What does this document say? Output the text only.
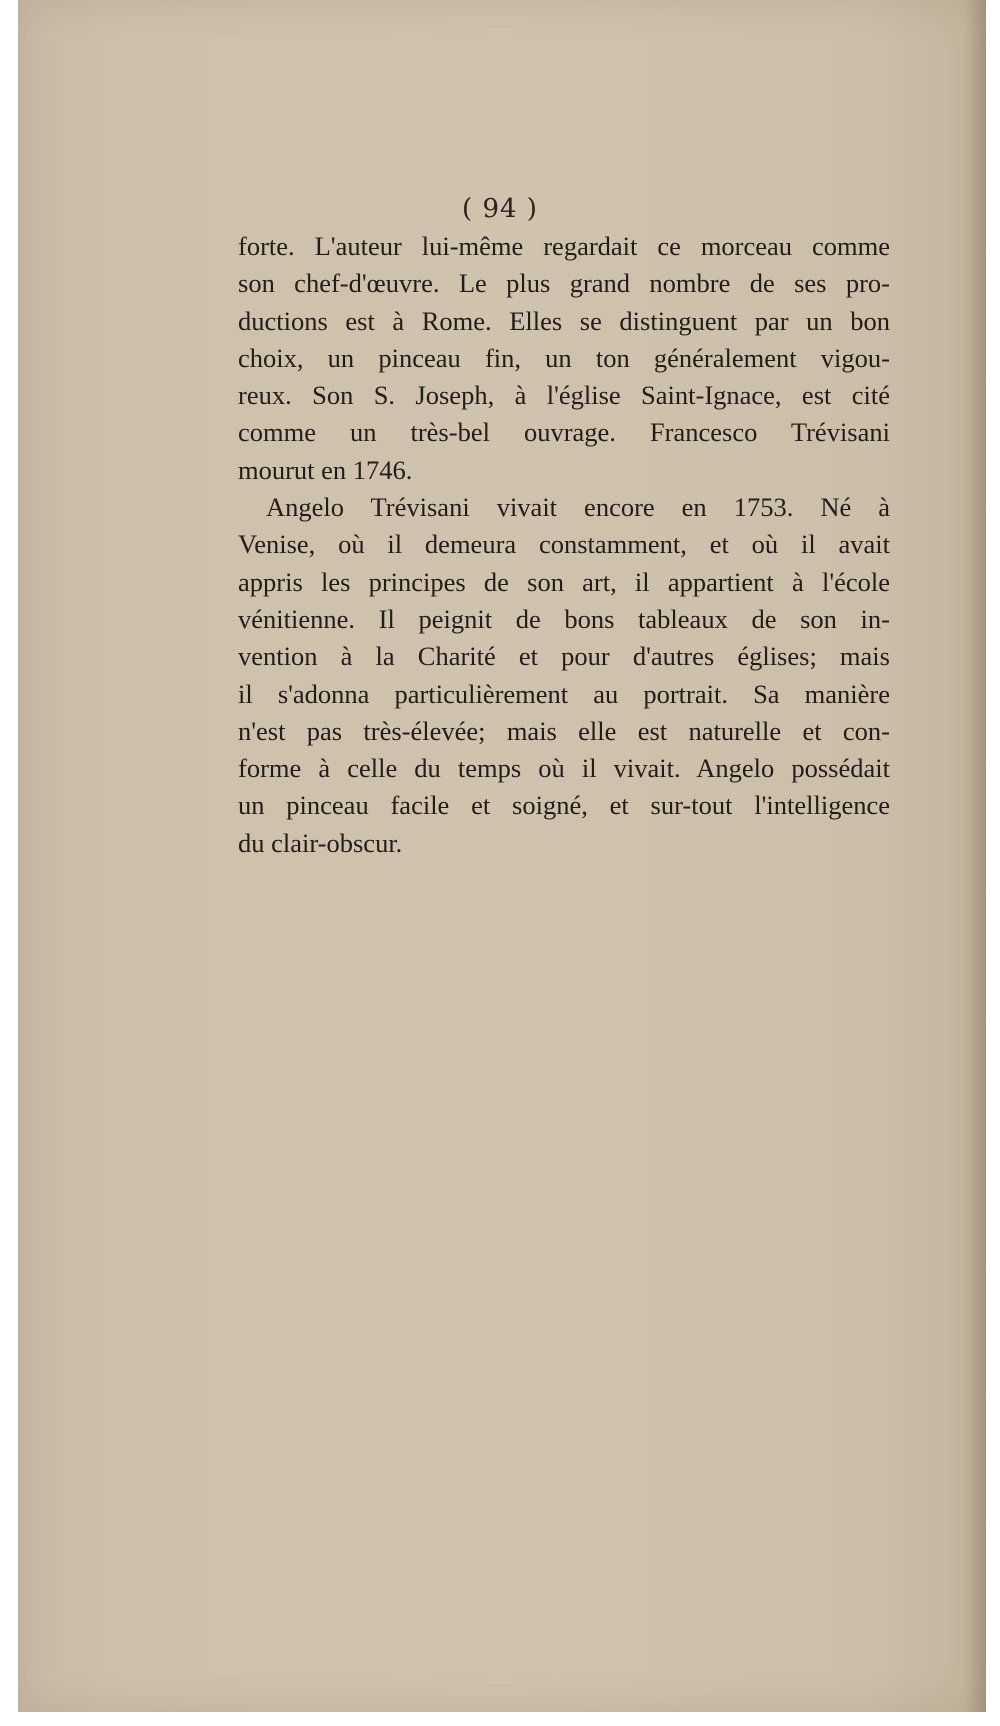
( 94 )
forte. L'auteur lui-même regardait ce morceau comme
son chef-d'œuvre. Le plus grand nombre de ses pro-
ductions est à Rome. Elles se distinguent par un bon
choix, un pinceau fin, un ton généralement vigou-
reux. Son S. Joseph, à l'église Saint-Ignace, est cité
comme un très-bel ouvrage. Francesco Trévisani
mourut en 1746.
Angelo Trévisani vivait encore en 1753. Né à
Venise, où il demeura constamment, et où il avait
appris les principes de son art, il appartient à l'école
vénitienne. Il peignit de bons tableaux de son in-
vention à la Charité et pour d'autres églises; mais
il s'adonna particulièrement au portrait. Sa manière
n'est pas très-élevée; mais elle est naturelle et con-
forme à celle du temps où il vivait. Angelo possédait
un pinceau facile et soigné, et sur-tout l'intelligence
du clair-obscur.
